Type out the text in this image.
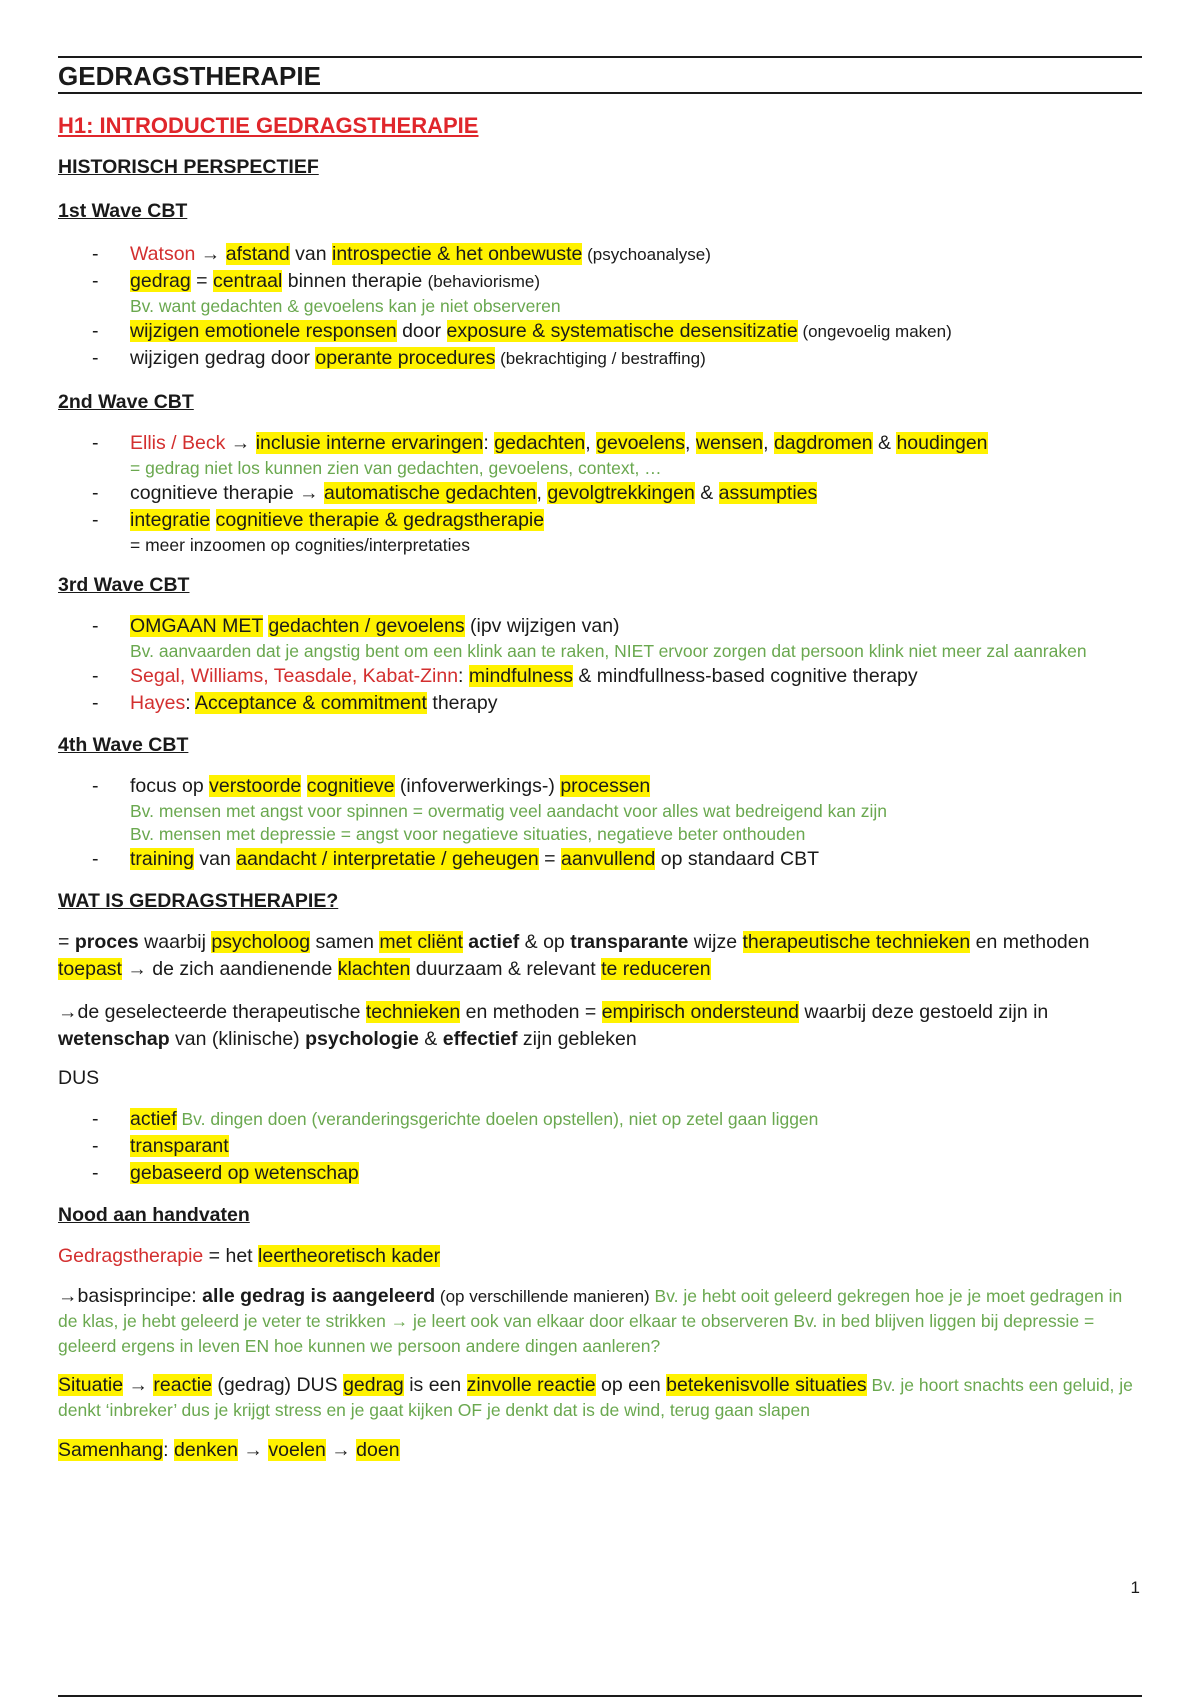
GEDRAGSTHERAPIE
H1: INTRODUCTIE GEDRAGSTHERAPIE
HISTORISCH PERSPECTIEF
1st Wave CBT
- Watson → afstand van introspectie & het onbewuste (psychoanalyse)
- gedrag = centraal binnen therapie (behaviorisme)
Bv. want gedachten & gevoelens kan je niet observeren
- wijzigen emotionele responsen door exposure & systematische desensitizatie (ongevoelig maken)
- wijzigen gedrag door operante procedures (bekrachtiging / bestraffing)
2nd Wave CBT
- Ellis / Beck → inclusie interne ervaringen: gedachten, gevoelens, wensen, dagdromen & houdingen
= gedrag niet los kunnen zien van gedachten, gevoelens, context, …
- cognitieve therapie → automatische gedachten, gevolgtrekkingen & assumpties
- integratie cognitieve therapie & gedragstherapie
= meer inzoomen op cognities/interpretaties
3rd Wave CBT
- OMGAAN MET gedachten / gevoelens (ipv wijzigen van)
Bv. aanvaarden dat je angstig bent om een klink aan te raken, NIET ervoor zorgen dat persoon klink niet meer zal aanraken
- Segal, Williams, Teasdale, Kabat-Zinn: mindfulness & mindfullness-based cognitive therapy
- Hayes: Acceptance & commitment therapy
4th Wave CBT
- focus op verstoorde cognitieve (infoverwerkings-) processen
Bv. mensen met angst voor spinnen = overmatig veel aandacht voor alles wat bedreigend kan zijn
Bv. mensen met depressie = angst voor negatieve situaties, negatieve beter onthouden
- training van aandacht / interpretatie / geheugen = aanvullend op standaard CBT
WAT IS GEDRAGSTHERAPIE?

= proces waarbij psycholoog samen met cliënt actief & op transparante wijze therapeutische technieken en methoden toepast → de zich aandienende klachten duurzaam & relevant te reduceren

→de geselecteerde therapeutische technieken en methoden = empirisch ondersteund waarbij deze gestoeld zijn in wetenschap van (klinische) psychologie & effectief zijn gebleken

DUS

- actief Bv. dingen doen (veranderingsgerichte doelen opstellen), niet op zetel gaan liggen
- transparant
- gebaseerd op wetenschap
Nood aan handvaten

Gedragstherapie = het leertheoretisch kader

→basisprincipe: alle gedrag is aangeleerd (op verschillende manieren) Bv. je hebt ooit geleerd gekregen hoe je je moet gedragen in de klas, je hebt geleerd je veter te strikken → je leert ook van elkaar door elkaar te observeren Bv. in bed blijven liggen bij depressie = geleerd ergens in leven EN hoe kunnen we persoon andere dingen aanleren?

Situatie → reactie (gedrag) DUS gedrag is een zinvolle reactie op een betekenisvolle situaties Bv. je hoort snachts een geluid, je denkt ‘inbreker’ dus je krijgt stress en je gaat kijken OF je denkt dat is de wind, terug gaan slapen

Samenhang: denken → voelen → doen

1
